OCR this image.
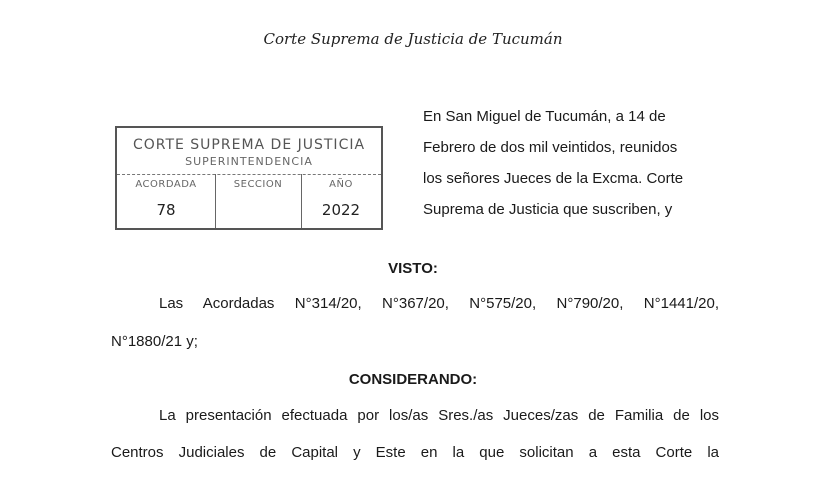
Corte Suprema de Justicia de Tucumán
CORTE SUPREMA DE JUSTICIA
SUPERINTENDENCIA
ACORDADA
78
SECCION	AÑO
2022
En San Miguel de Tucumán, a 14 de
Febrero de dos mil veintidos, reunidos
los señores Jueces de la Excma. Corte
Suprema de Justicia que suscriben, y
VISTO:
Las Acordadas N°314/20, N°367/20, N°575/20, N°790/20, N°1441/20,
N°1880/21 y;
CONSIDERANDO:
La presentación efectuada por los/as Sres./as Jueces/zas de Familia de los
Centros Judiciales de Capital y Este en la que solicitan a esta Corte la
